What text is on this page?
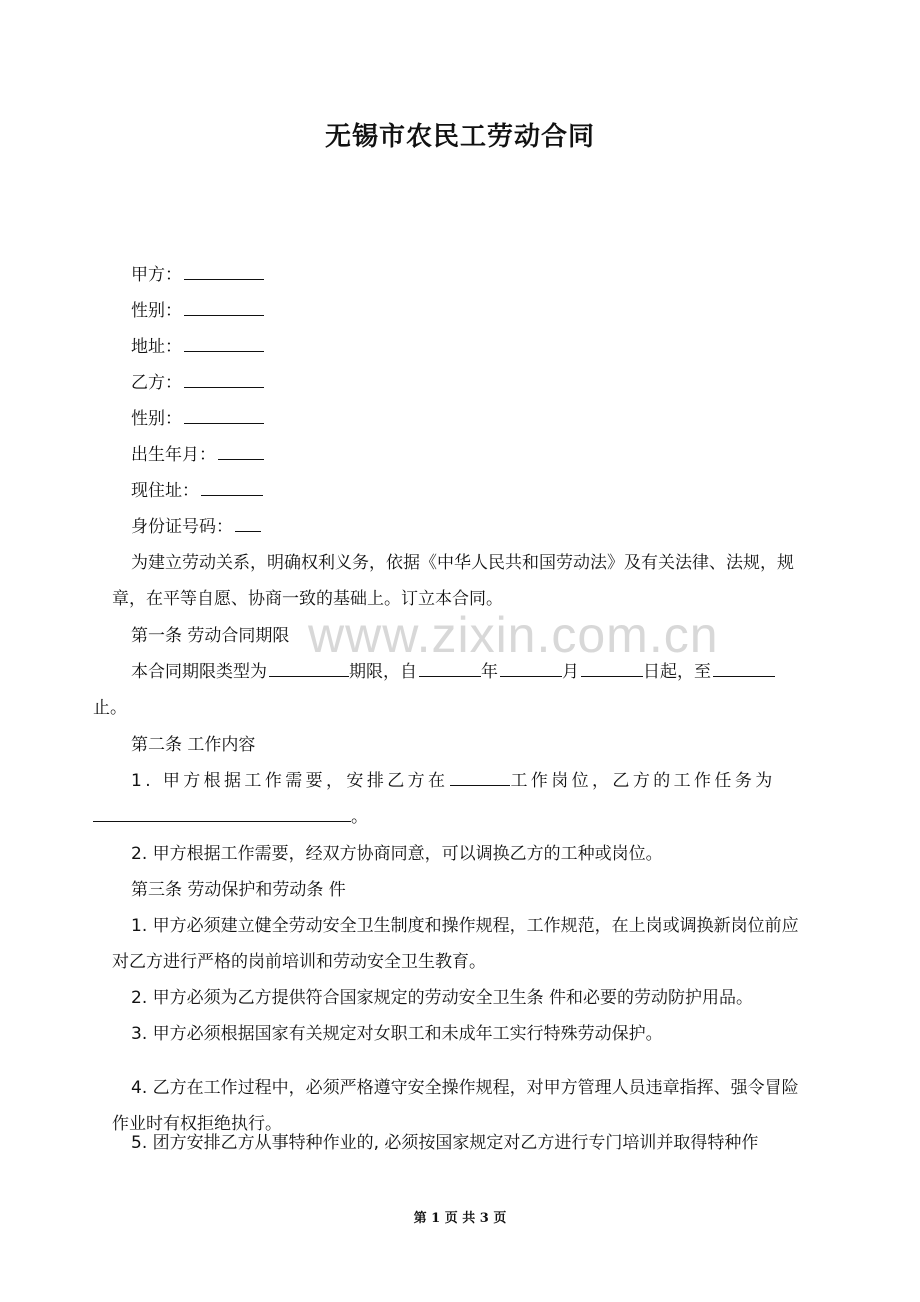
www.zixin.com.cn
无锡市农民工劳动合同
甲方：
性别：
地址：
乙方：
性别：
出生年月：
现住址：
身份证号码：
为建立劳动关系，明确权利义务，依据《中华人民共和国劳动法》及有关法律、法规，规章，在平等自愿、协商一致的基础上。订立本合同。
第一条 劳动合同期限
本合同期限类型为	期限，自	年	月	日起，至
止。
第二条 工作内容
1. 甲方根据工作需要，安排乙方在	工作岗位，乙方的工作任务为
。
2. 甲方根据工作需要，经双方协商同意，可以调换乙方的工种或岗位。
第三条 劳动保护和劳动条 件
1. 甲方必须建立健全劳动安全卫生制度和操作规程，工作规范，在上岗或调换新岗位前应对乙方进行严格的岗前培训和劳动安全卫生教育。
2. 甲方必须为乙方提供符合国家规定的劳动安全卫生条 件和必要的劳动防护用品。
3. 甲方必须根据国家有关规定对女职工和未成年工实行特殊劳动保护。
4. 乙方在工作过程中，必须严格遵守安全操作规程，对甲方管理人员违章指挥、强令冒险作业时有权拒绝执行。
5. 团方安排乙方从事特种作业的, 必须按国家规定对乙方进行专门培训并取得特种作
第 1 页 共 3 页
